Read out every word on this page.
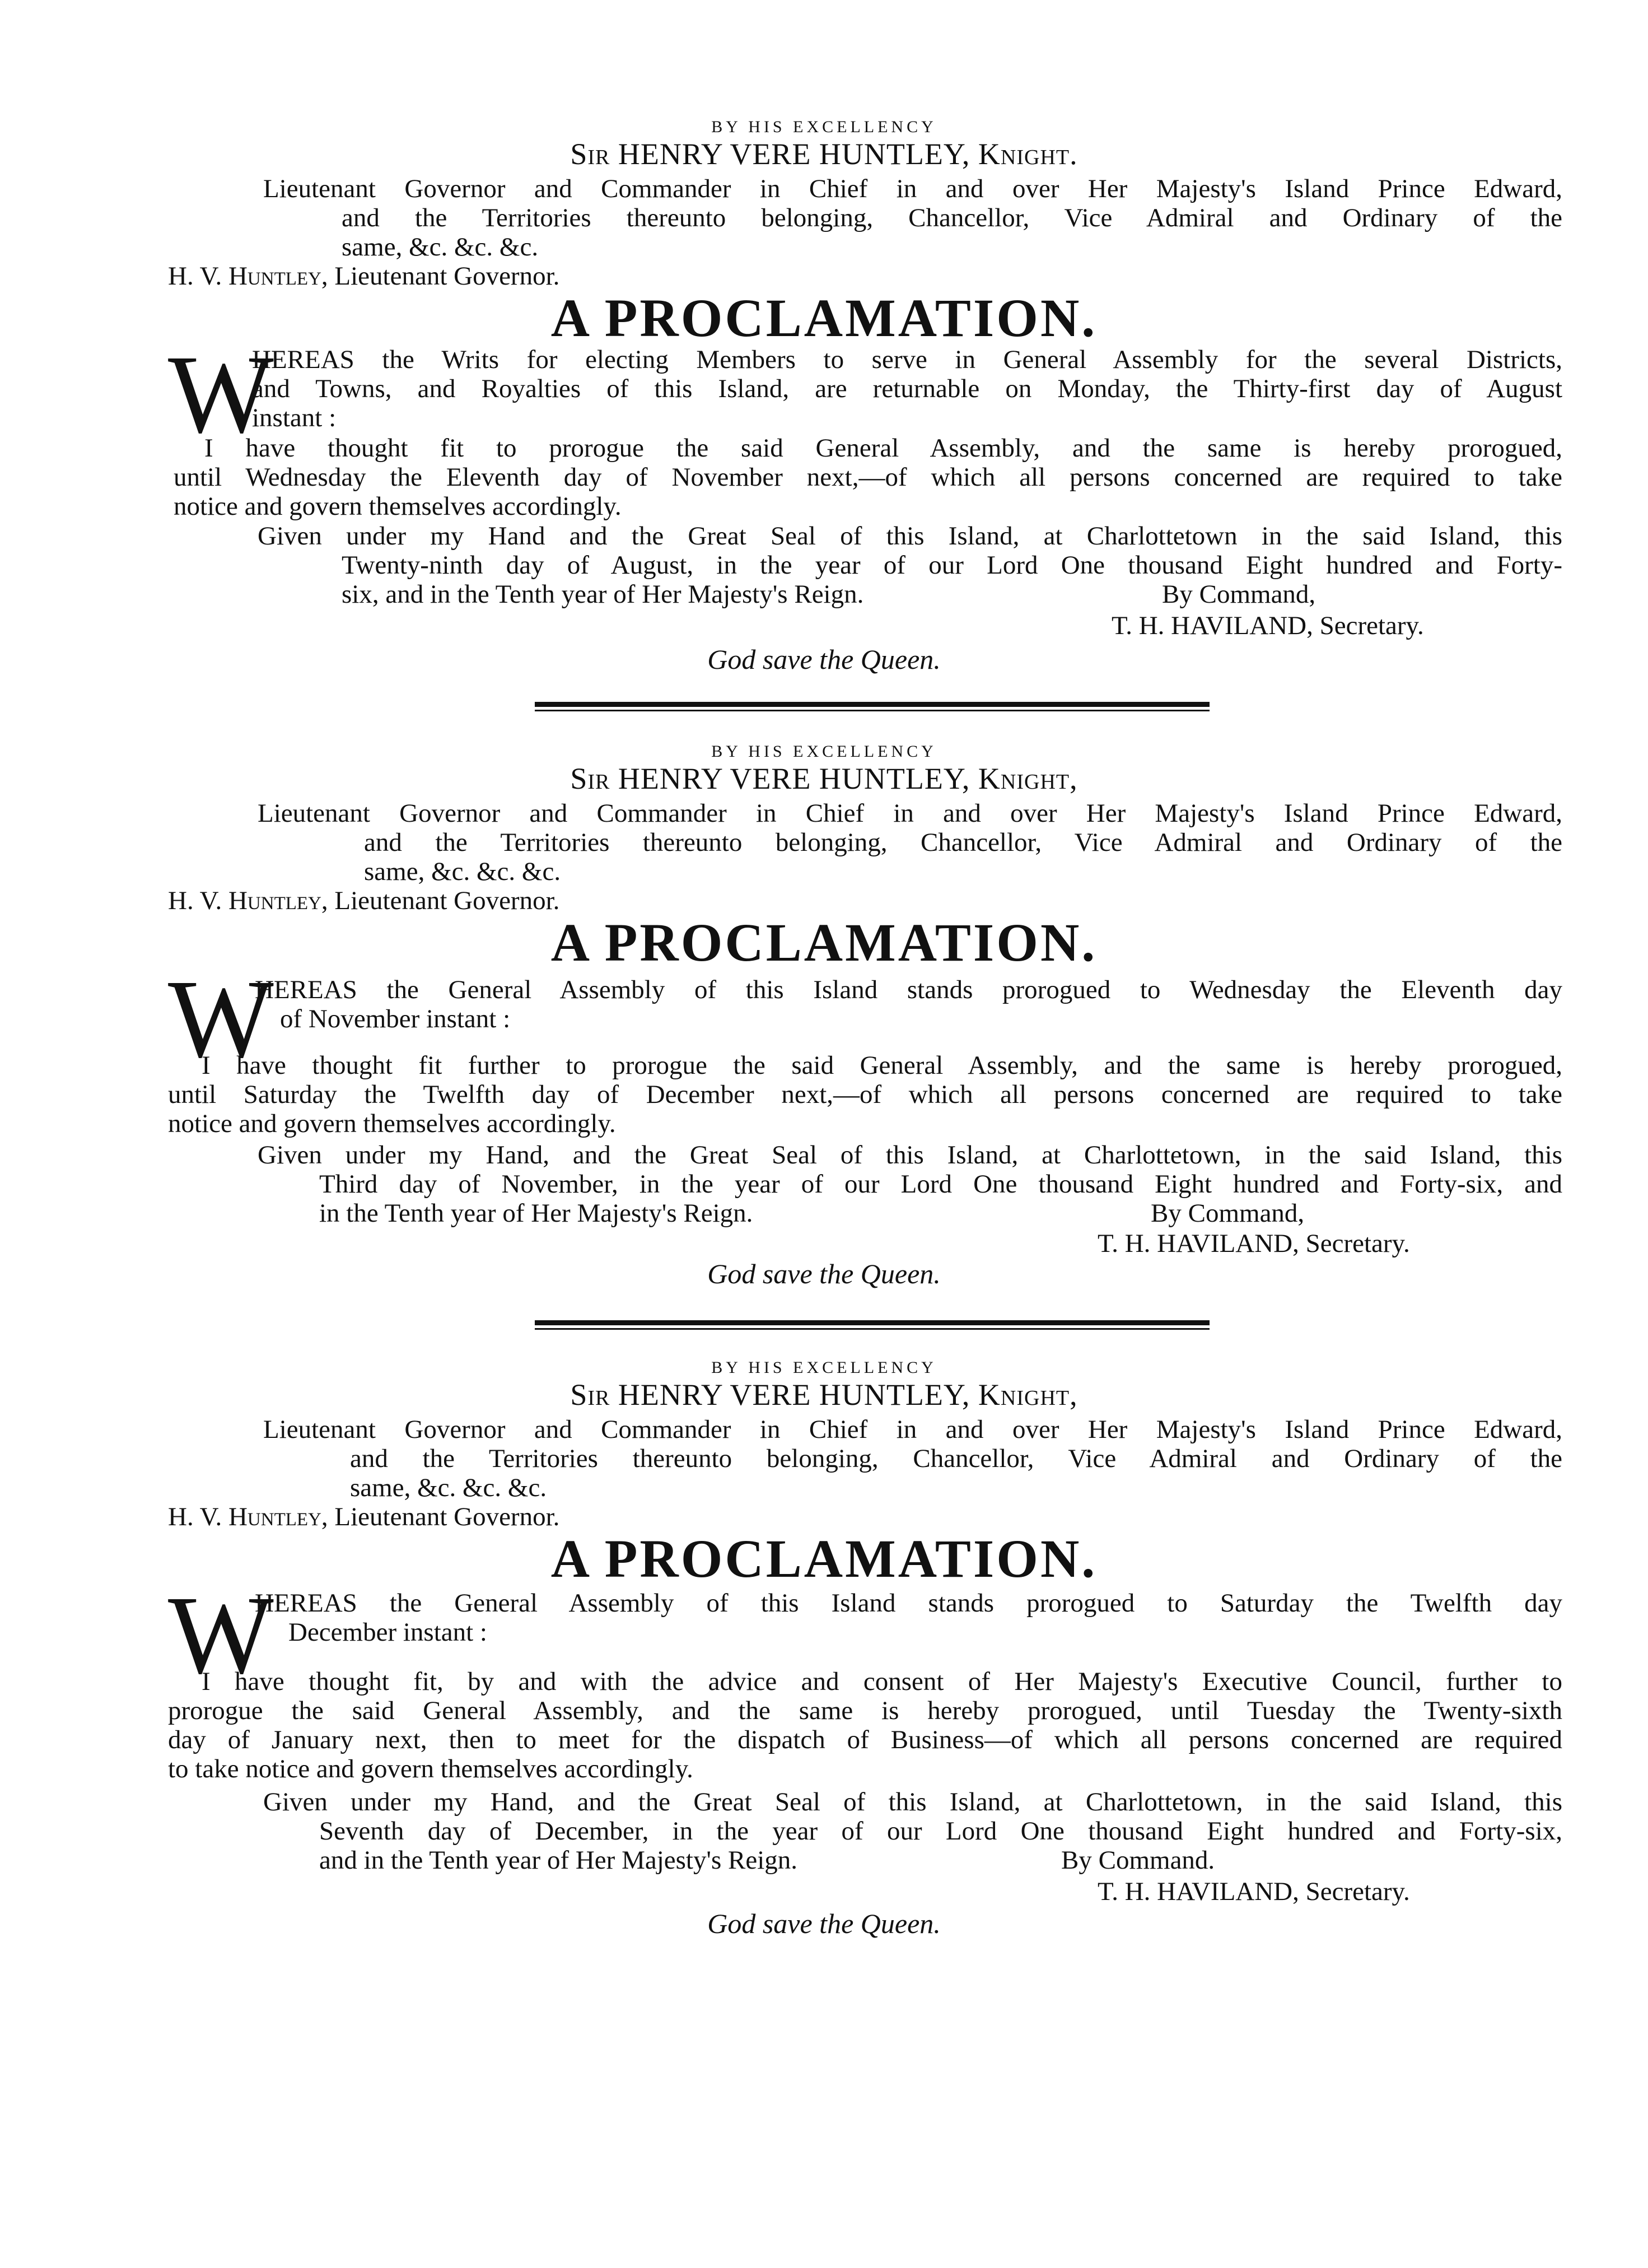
BY HIS EXCELLENCY
Sir HENRY VERE HUNTLEY, Knight.
Lieutenant Governor and Commander in Chief in and over Her Majesty's Island Prince Edward,
and the Territories thereunto belonging, Chancellor, Vice Admiral and Ordinary of the
same, &c. &c. &c.
H. V. Huntley, Lieutenant Governor.
A PROCLAMATION.
W
HEREAS the Writs for electing Members to serve in General Assembly for the several Districts,
and Towns, and Royalties of this Island, are returnable on Monday, the Thirty-first day of August
instant :
I have thought fit to prorogue the said General Assembly, and the same is hereby prorogued,
until Wednesday the Eleventh day of November next,—of which all persons concerned are required to take
notice and govern themselves accordingly.
Given under my Hand and the Great Seal of this Island, at Charlottetown in the said Island, this
Twenty-ninth day of August, in the year of our Lord One thousand Eight hundred and Forty-
six, and in the Tenth year of Her Majesty's Reign.	By Command,
T. H. HAVILAND, Secretary.
God save the Queen.
BY HIS EXCELLENCY
Sir HENRY VERE HUNTLEY, Knight,
Lieutenant Governor and Commander in Chief in and over Her Majesty's Island Prince Edward,
and the Territories thereunto belonging, Chancellor, Vice Admiral and Ordinary of the
same, &c. &c. &c.
H. V. Huntley, Lieutenant Governor.
A PROCLAMATION.
W
HEREAS the General Assembly of this Island stands prorogued to Wednesday the Eleventh day
of November instant :
I have thought fit further to prorogue the said General Assembly, and the same is hereby prorogued,
until Saturday the Twelfth day of December next,—of which all persons concerned are required to take
notice and govern themselves accordingly.
Given under my Hand, and the Great Seal of this Island, at Charlottetown, in the said Island, this
Third day of November, in the year of our Lord One thousand Eight hundred and Forty-six, and
in the Tenth year of Her Majesty's Reign.	By Command,
T. H. HAVILAND, Secretary.
God save the Queen.
BY HIS EXCELLENCY
Sir HENRY VERE HUNTLEY, Knight,
Lieutenant Governor and Commander in Chief in and over Her Majesty's Island Prince Edward,
and the Territories thereunto belonging, Chancellor, Vice Admiral and Ordinary of the
same, &c. &c. &c.
H. V. Huntley, Lieutenant Governor.
A PROCLAMATION.
W
HEREAS the General Assembly of this Island stands prorogued to Saturday the Twelfth day
December instant :
I have thought fit, by and with the advice and consent of Her Majesty's Executive Council, further to
prorogue the said General Assembly, and the same is hereby prorogued, until Tuesday the Twenty-sixth
day of January next, then to meet for the dispatch of Business—of which all persons concerned are required
to take notice and govern themselves accordingly.
Given under my Hand, and the Great Seal of this Island, at Charlottetown, in the said Island, this
Seventh day of December, in the year of our Lord One thousand Eight hundred and Forty-six,
and in the Tenth year of Her Majesty's Reign.	By Command.
T. H. HAVILAND, Secretary.
God save the Queen.
